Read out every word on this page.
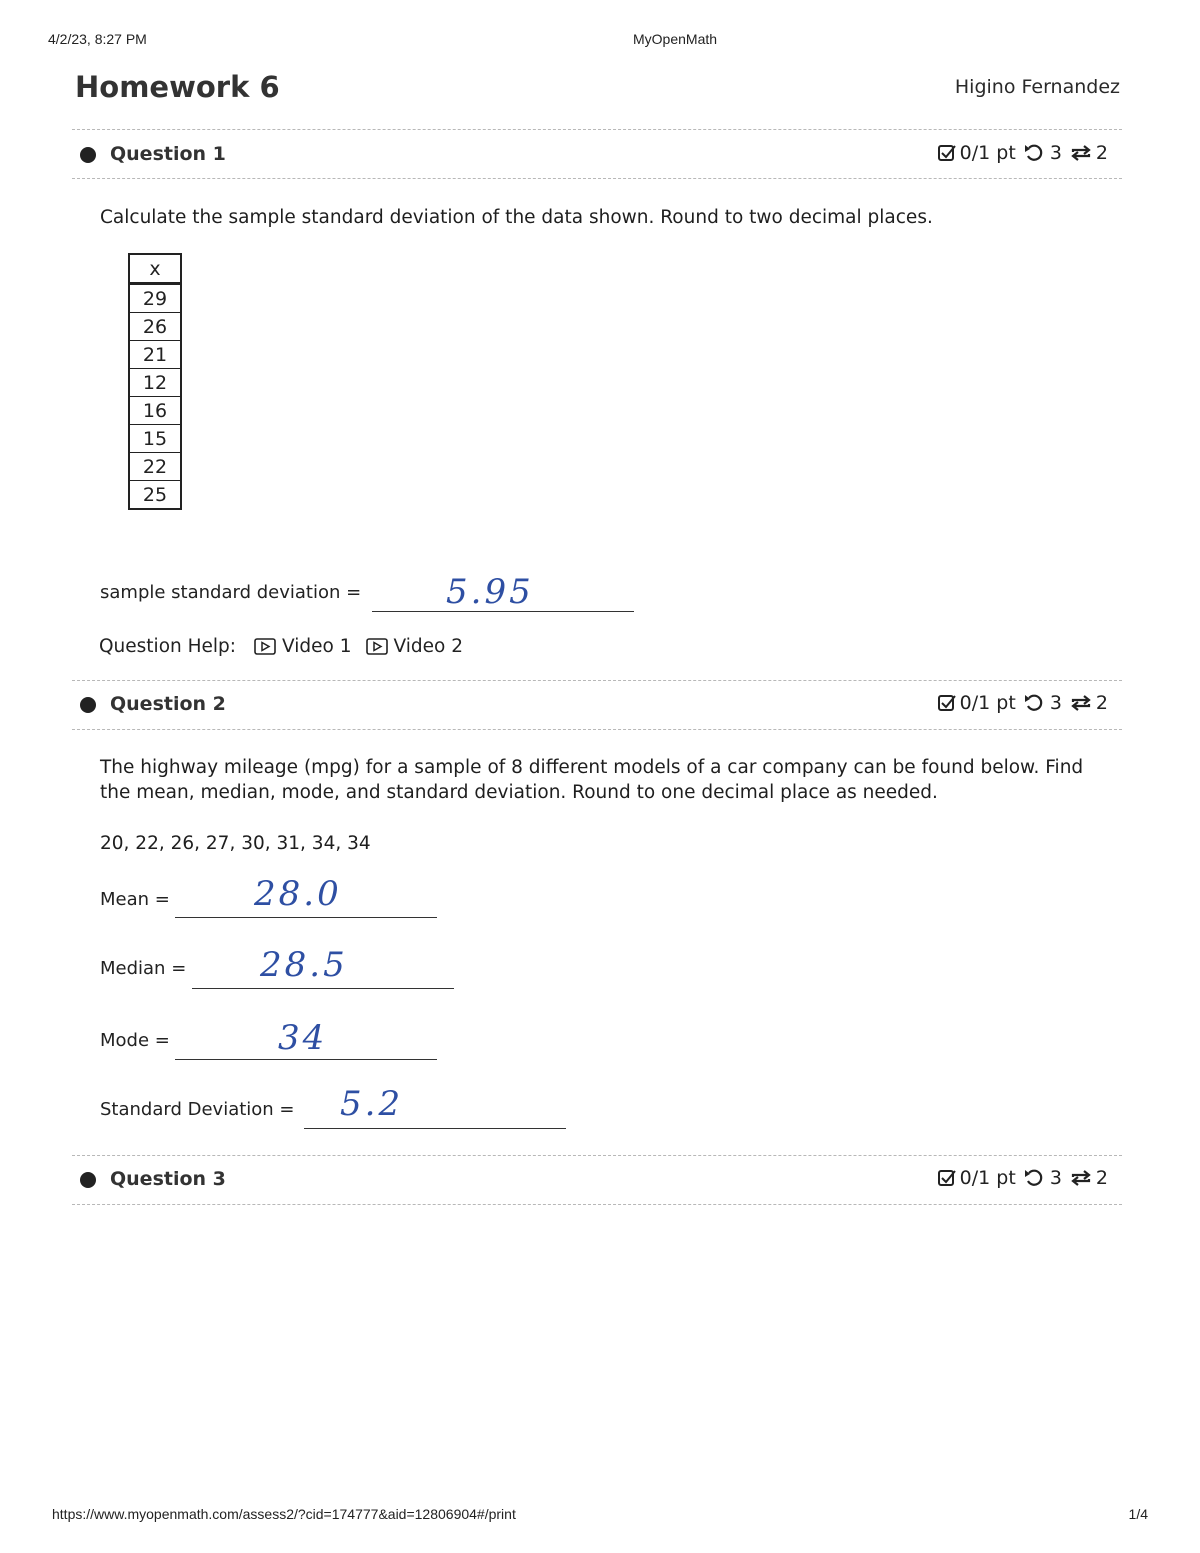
4/2/23, 8:27 PM	MyOpenMath
Homework 6	Higino Fernandez
Question 1	0/1 pt 3 2
Calculate the sample standard deviation of the data shown. Round to two decimal places.
x
29
26
21
12
16
15
22
25
sample standard deviation = 5.95
Question Help: Video 1 Video 2
Question 2	0/1 pt 3 2
The highway mileage (mpg) for a sample of 8 different models of a car company can be found below. Find the mean, median, mode, and standard deviation. Round to one decimal place as needed.
20, 22, 26, 27, 30, 31, 34, 34
Mean = 28.0
Median = 28.5
Mode =	34
Standard Deviation = 5.2
Question 3	0/1 pt 3 2
https://www.myopenmath.com/assess2/?cid=174777&aid=12806904#/print	1/4
